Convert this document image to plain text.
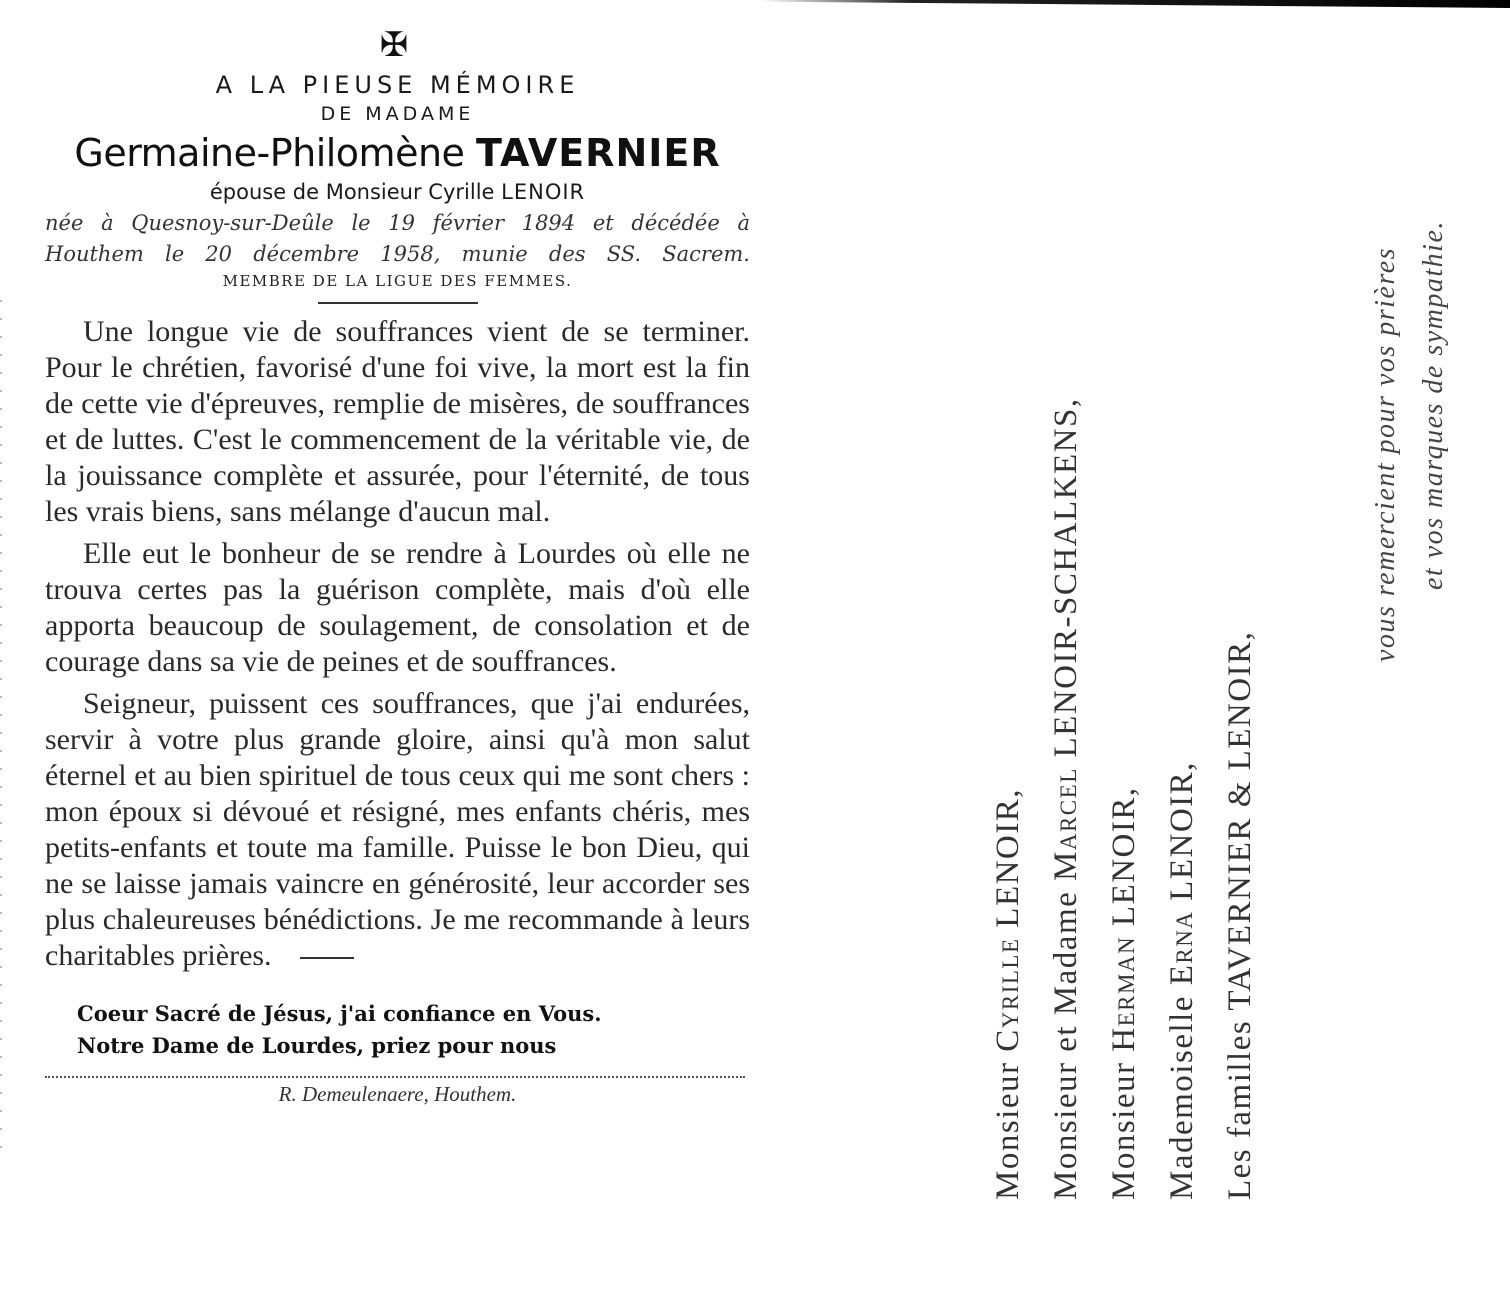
✠
A LA PIEUSE MÉMOIRE
DE MADAME
Germaine-Philomène TAVERNIER
épouse de Monsieur Cyrille LENOIR
née à Quesnoy-sur-Deûle le 19 février 1894 et décédée à
Houthem le 20 décembre 1958, munie des SS. Sacrem.
MEMBRE DE LA LIGUE DES FEMMES.

Une longue vie de souffrances vient de se terminer. Pour le chrétien, favorisé d'une foi vive, la mort est la fin de cette vie d'épreuves, remplie de misères, de souffrances et de luttes. C'est le commencement de la véritable vie, de la jouissance complète et assurée, pour l'éternité, de tous les vrais biens, sans mélange d'aucun mal.

Elle eut le bonheur de se rendre à Lourdes où elle ne trouva certes pas la guérison complète, mais d'où elle apporta beaucoup de soulagement, de consolation et de courage dans sa vie de peines et de souffrances.

Seigneur, puissent ces souffrances, que j'ai endurées, servir à votre plus grande gloire, ainsi qu'à mon salut éternel et au bien spirituel de tous ceux qui me sont chers : mon époux si dévoué et résigné, mes enfants chéris, mes petits-enfants et toute ma famille. Puisse le bon Dieu, qui ne se laisse jamais vaincre en générosité, leur accorder ses plus chaleureuses bénédictions. Je me recommande à leurs charitables prières.

Coeur Sacré de Jésus, j'ai confiance en Vous.
Notre Dame de Lourdes, priez pour nous
R. Demeulenaere, Houthem.	Monsieur Cyrille LENOIR,
Monsieur et Madame Marcel LENOIR-SCHALKENS,
Monsieur Herman LENOIR,
Mademoiselle Erna LENOIR,
Les familles TAVERNIER & LENOIR,
vous remercient pour vos prières et vos marques de sympathie.
